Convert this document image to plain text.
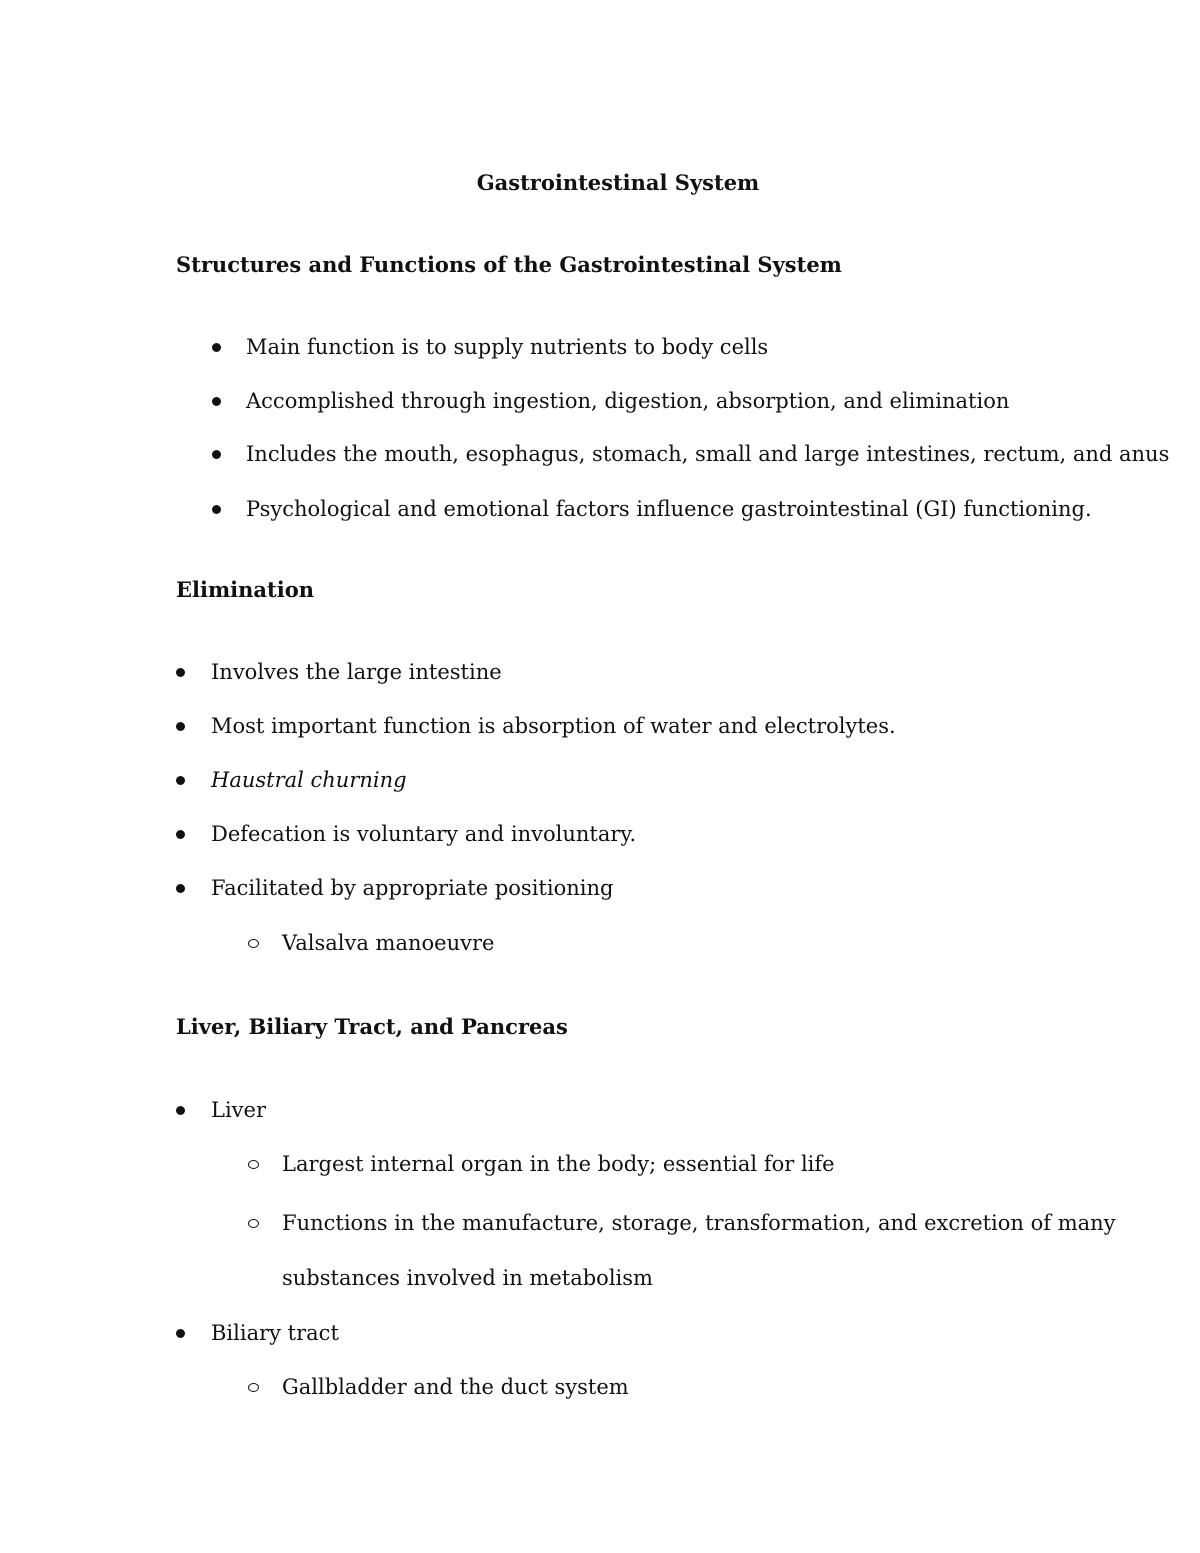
Gastrointestinal System
Structures and Functions of the Gastrointestinal System
Main function is to supply nutrients to body cells
Accomplished through ingestion, digestion, absorption, and elimination
Includes the mouth, esophagus, stomach, small and large intestines, rectum, and anus
Psychological and emotional factors influence gastrointestinal (GI) functioning.
Elimination
Involves the large intestine
Most important function is absorption of water and electrolytes.
Haustral churning
Defecation is voluntary and involuntary.
Facilitated by appropriate positioning
Valsalva manoeuvre
Liver, Biliary Tract, and Pancreas
Liver
Largest internal organ in the body; essential for life
Functions in the manufacture, storage, transformation, and excretion of many
substances involved in metabolism
Biliary tract
Gallbladder and the duct system
